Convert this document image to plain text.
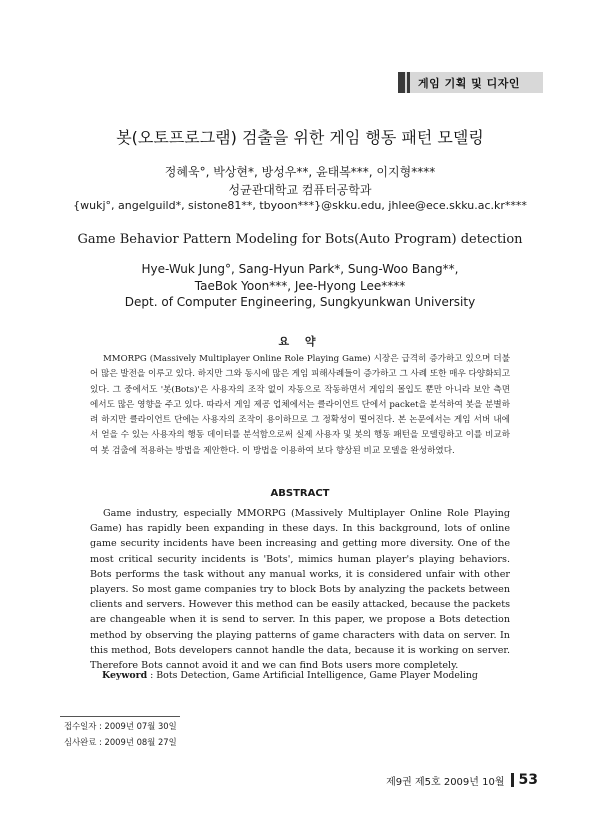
게임 기획 및 디자인
봇(오토프로그램) 검출을 위한 게임 행동 패턴 모델링
정혜욱°, 박상현*, 방성우**, 윤태복***, 이지형****
성균관대학교 컴퓨터공학과
{wukj°, angelguild*, sistone81**, tbyoon***}@skku.edu, jhlee@ece.skku.ac.kr****
Game Behavior Pattern Modeling for Bots(Auto Program) detection
Hye-Wuk Jung°, Sang-Hyun Park*, Sung-Woo Bang**,
TaeBok Yoon***, Jee-Hyong Lee****
Dept. of Computer Engineering, Sungkyunkwan University
요 약
MMORPG (Massively Multiplayer Online Role Playing Game) 시장은 급격히 증가하고 있으며 더불어 많은 발전을 이루고 있다. 하지만 그와 동시에 많은 게임 피해사례들이 증가하고 그 사례 또한 매우 다양화되고 있다. 그 중에서도 '봇(Bots)'은 사용자의 조작 없이 자동으로 작동하면서 게임의 몰입도 뿐만 아니라 보안 측면에서도 많은 영향을 주고 있다. 따라서 게임 제공 업체에서는 클라이언트 단에서 packet을 분석하여 봇을 분별하려 하지만 클라이언트 단에는 사용자의 조작이 용이하므로 그 정확성이 떨어진다. 본 논문에서는 게임 서버 내에서 얻을 수 있는 사용자의 행동 데이터를 분석함으로써 실제 사용자 및 봇의 행동 패턴을 모델링하고 이를 비교하여 봇 검출에 적용하는 방법을 제안한다. 이 방법을 이용하여 보다 향상된 비교 모델을 완성하였다.
ABSTRACT
Game industry, especially MMORPG (Massively Multiplayer Online Role Playing Game) has rapidly been expanding in these days. In this background, lots of online game security incidents have been increasing and getting more diversity. One of the most critical security incidents is 'Bots', mimics human player's playing behaviors. Bots performs the task without any manual works, it is considered unfair with other players. So most game companies try to block Bots by analyzing the packets between clients and servers. However this method can be easily attacked, because the packets are changeable when it is send to server. In this paper, we propose a Bots detection method by observing the playing patterns of game characters with data on server. In this method, Bots developers cannot handle the data, because it is working on server. Therefore Bots cannot avoid it and we can find Bots users more completely.
Keyword : Bots Detection, Game Artificial Intelligence, Game Player Modeling
접수일자 : 2009년 07월 30일
심사완료 : 2009년 08월 27일
제9권 제5호 2009년 10월 53
